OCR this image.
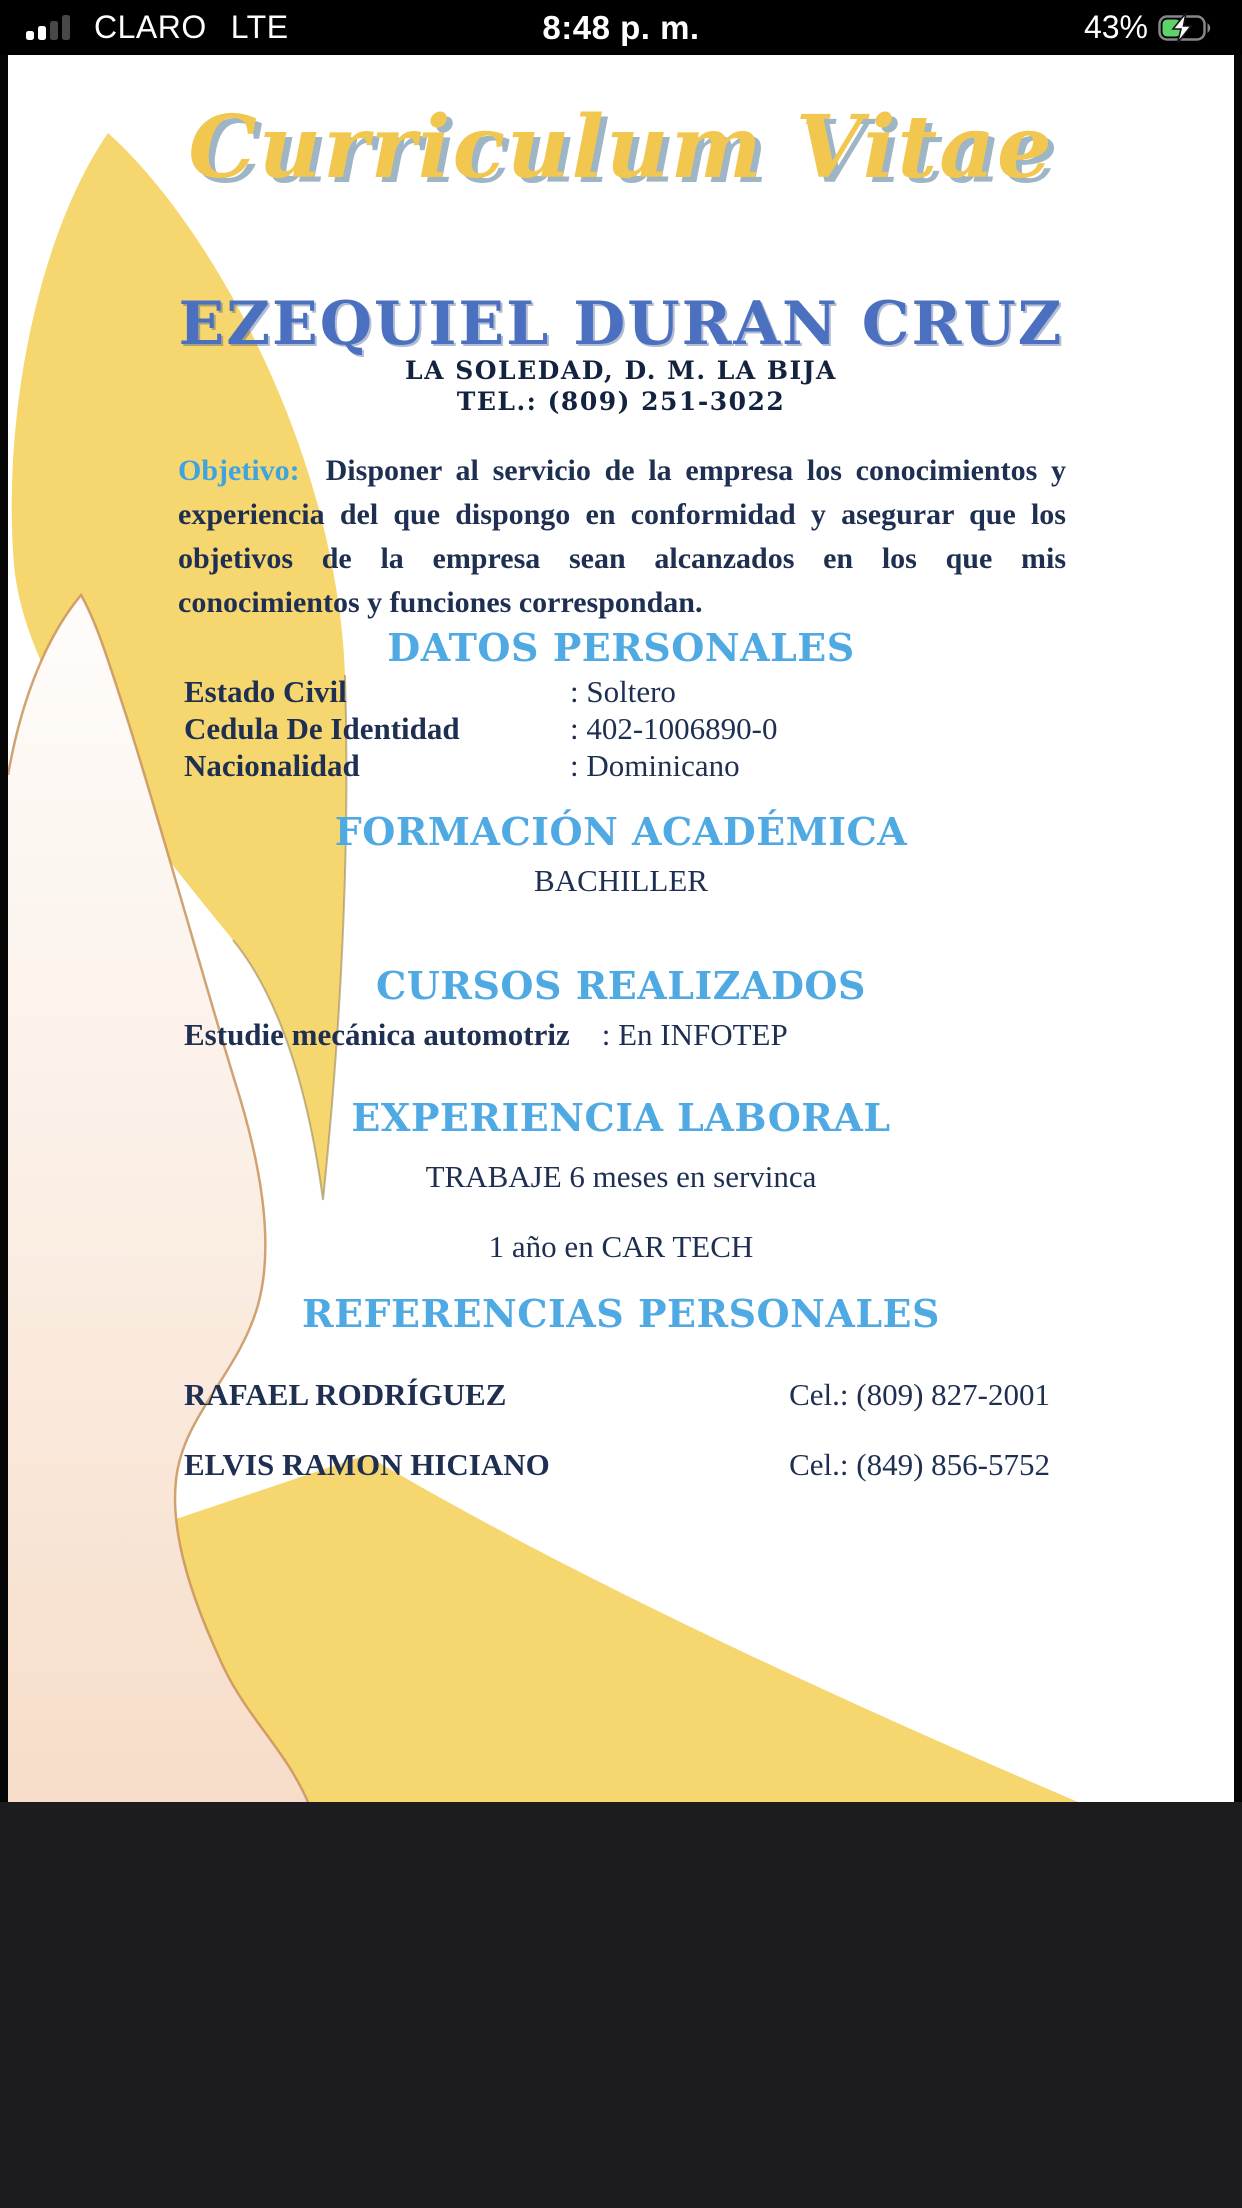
CLARO LTE	8:48 p. m.	43%
Curriculum Vitae
EZEQUIEL DURAN CRUZ
LA SOLEDAD, D. M. LA BIJA
TEL.: (809) 251-3022
Objetivo: Disponer al servicio de la empresa los conocimientos y
experiencia del que dispongo en conformidad y asegurar que los
objetivos de la empresa sean alcanzados en los que mis
conocimientos y funciones correspondan.
DATOS PERSONALES
Estado Civil	: Soltero
Cedula De Identidad	: 402-1006890-0
Nacionalidad	: Dominicano
FORMACIÓN ACADÉMICA
BACHILLER
CURSOS REALIZADOS
Estudie mecánica automotriz : En INFOTEP
EXPERIENCIA LABORAL
TRABAJE 6 meses en servinca
1 año en CAR TECH
REFERENCIAS PERSONALES
RAFAEL RODRÍGUEZ	Cel.: (809) 827-2001
ELVIS RAMON HICIANO	Cel.: (849) 856-5752
